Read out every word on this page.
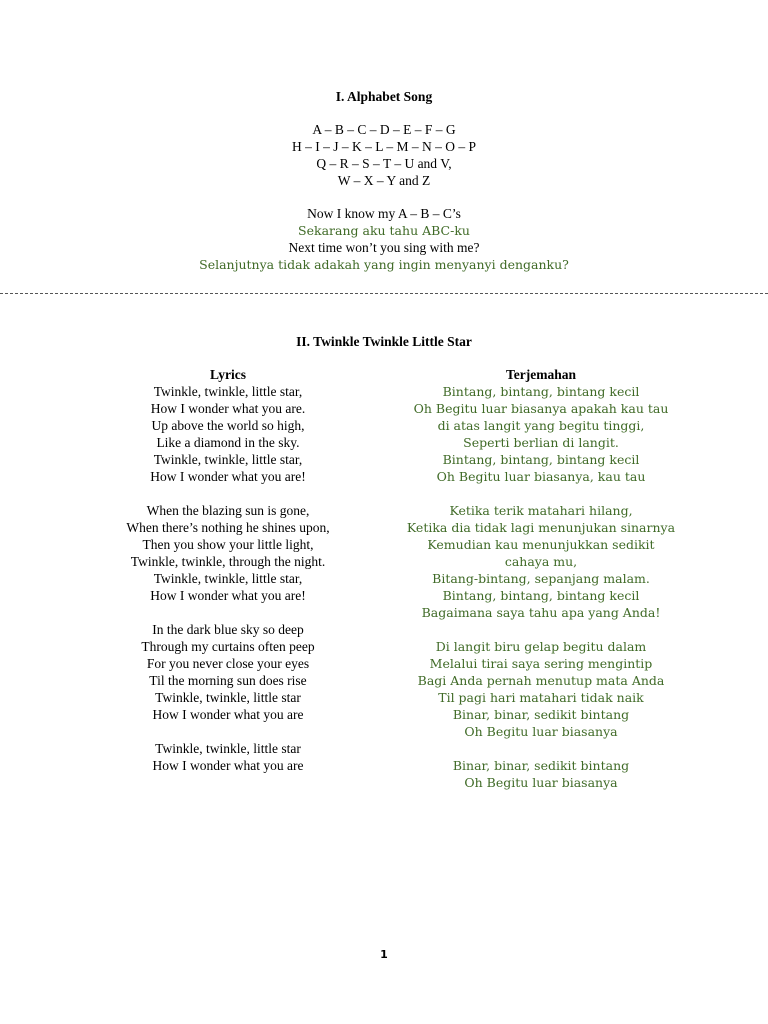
I. Alphabet Song
A – B – C – D – E – F – G
H – I – J – K – L – M – N – O – P
Q – R – S – T – U and V,
W – X – Y and Z
Now I know my A – B – C’s
Sekarang aku tahu ABC-ku
Next time won’t you sing with me?
Selanjutnya tidak adakah yang ingin menyanyi denganku?
II. Twinkle Twinkle Little Star
Lyrics	Terjemahan
Twinkle, twinkle, little star,
How I wonder what you are.
Up above the world so high,
Like a diamond in the sky.
Twinkle, twinkle, little star,
How I wonder what you are!
When the blazing sun is gone,
When there’s nothing he shines upon,
Then you show your little light,
Twinkle, twinkle, through the night.
Twinkle, twinkle, little star,
How I wonder what you are!
In the dark blue sky so deep
Through my curtains often peep
For you never close your eyes
Til the morning sun does rise
Twinkle, twinkle, little star
How I wonder what you are
Twinkle, twinkle, little star
How I wonder what you are
Bintang, bintang, bintang kecil
Oh Begitu luar biasanya apakah kau tau
di atas langit yang begitu tinggi,
Seperti berlian di langit.
Bintang, bintang, bintang kecil
Oh Begitu luar biasanya, kau tau
Ketika terik matahari hilang,
Ketika dia tidak lagi menunjukan sinarnya
Kemudian kau menunjukkan sedikit
cahaya mu,
Bitang-bintang, sepanjang malam.
Bintang, bintang, bintang kecil
Bagaimana saya tahu apa yang Anda!
Di langit biru gelap begitu dalam
Melalui tirai saya sering mengintip
Bagi Anda pernah menutup mata Anda
Til pagi hari matahari tidak naik
Binar, binar, sedikit bintang
Oh Begitu luar biasanya
Binar, binar, sedikit bintang
Oh Begitu luar biasanya
1
